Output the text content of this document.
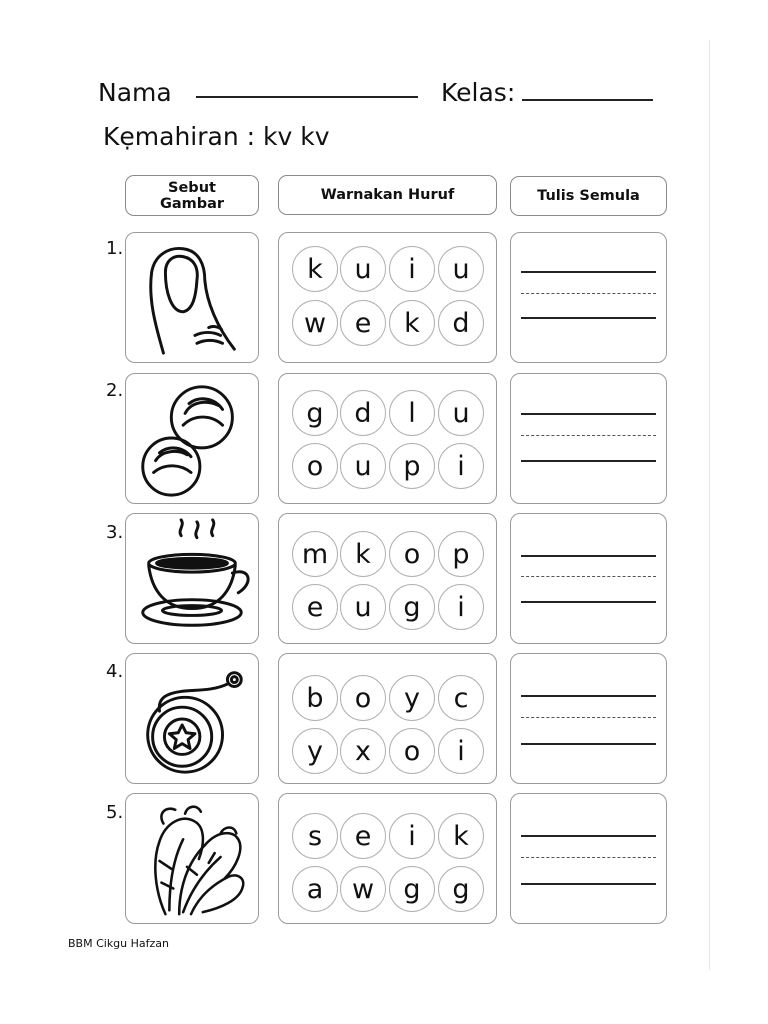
Nama	Kelas:
Kẹmahiran : kv kv
Sebut Gambar
Warnakan Huruf	Tulis Semula
1.
k	u	i	u
w	e	k	d
2.
g	d	l	u
o	u	p	i
3.
m	k	o	p
e	u	g	i
4.
b	o	y	c
y	x	o	i
5.
s	e	i	k
a	w	g	g
BBM Cikgu Hafzan
